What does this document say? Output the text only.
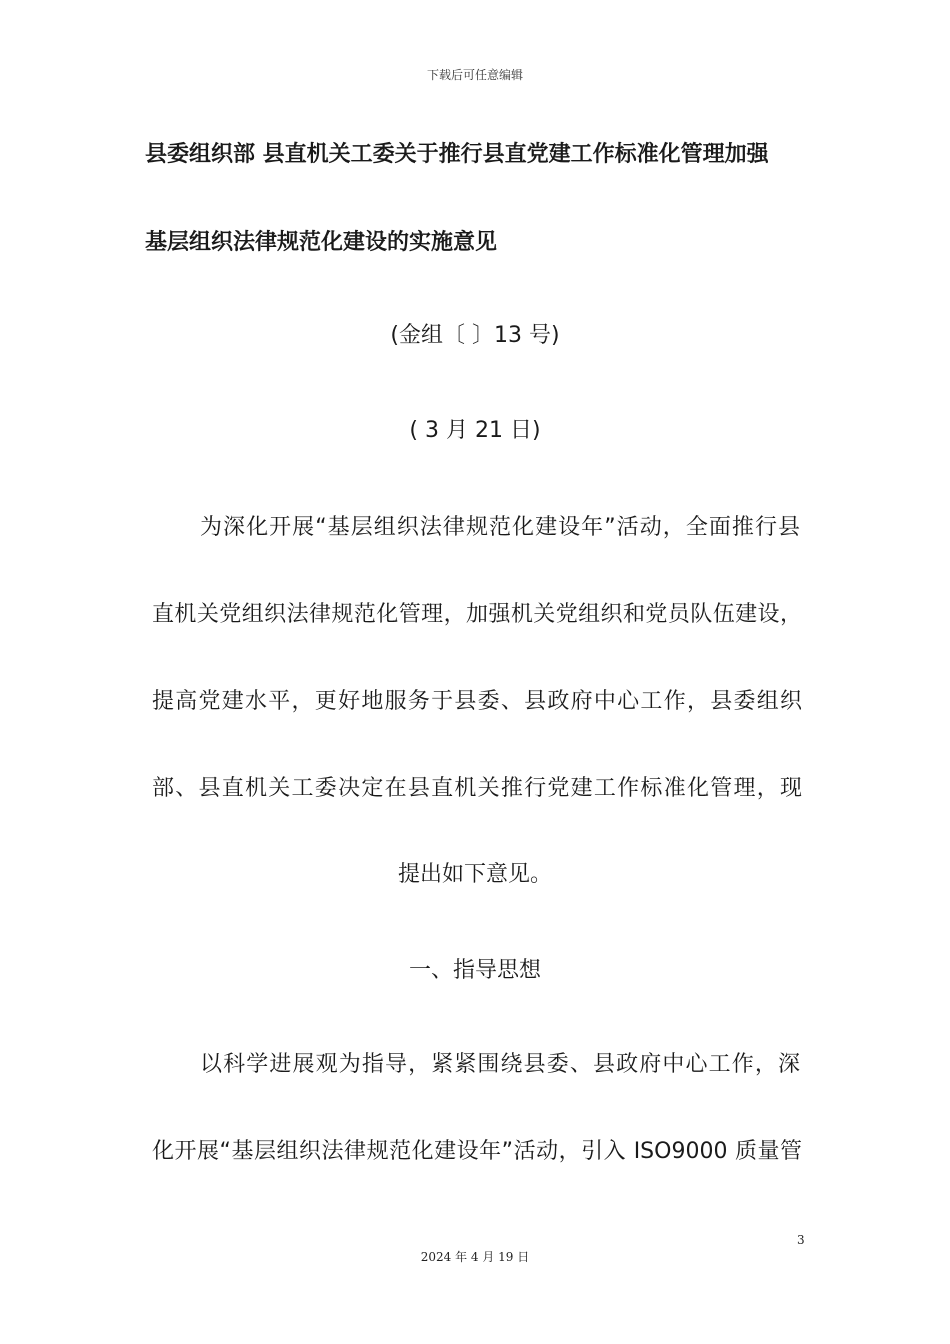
下载后可任意编辑
县委组织部 县直机关工委关于推行县直党建工作标准化管理加强
基层组织法律规范化建设的实施意见
(金组〔 〕13 号)
( 3 月 21 日)
为深化开展“基层组织法律规范化建设年”活动，全面推行县
直机关党组织法律规范化管理，加强机关党组织和党员队伍建设，
提高党建水平，更好地服务于县委、县政府中心工作，县委组织
部、县直机关工委决定在县直机关推行党建工作标准化管理，现
提出如下意见。
一、指导思想
以科学进展观为指导，紧紧围绕县委、县政府中心工作，深
化开展“基层组织法律规范化建设年”活动，引入 ISO9000 质量管
3
2024 年 4 月 19 日
